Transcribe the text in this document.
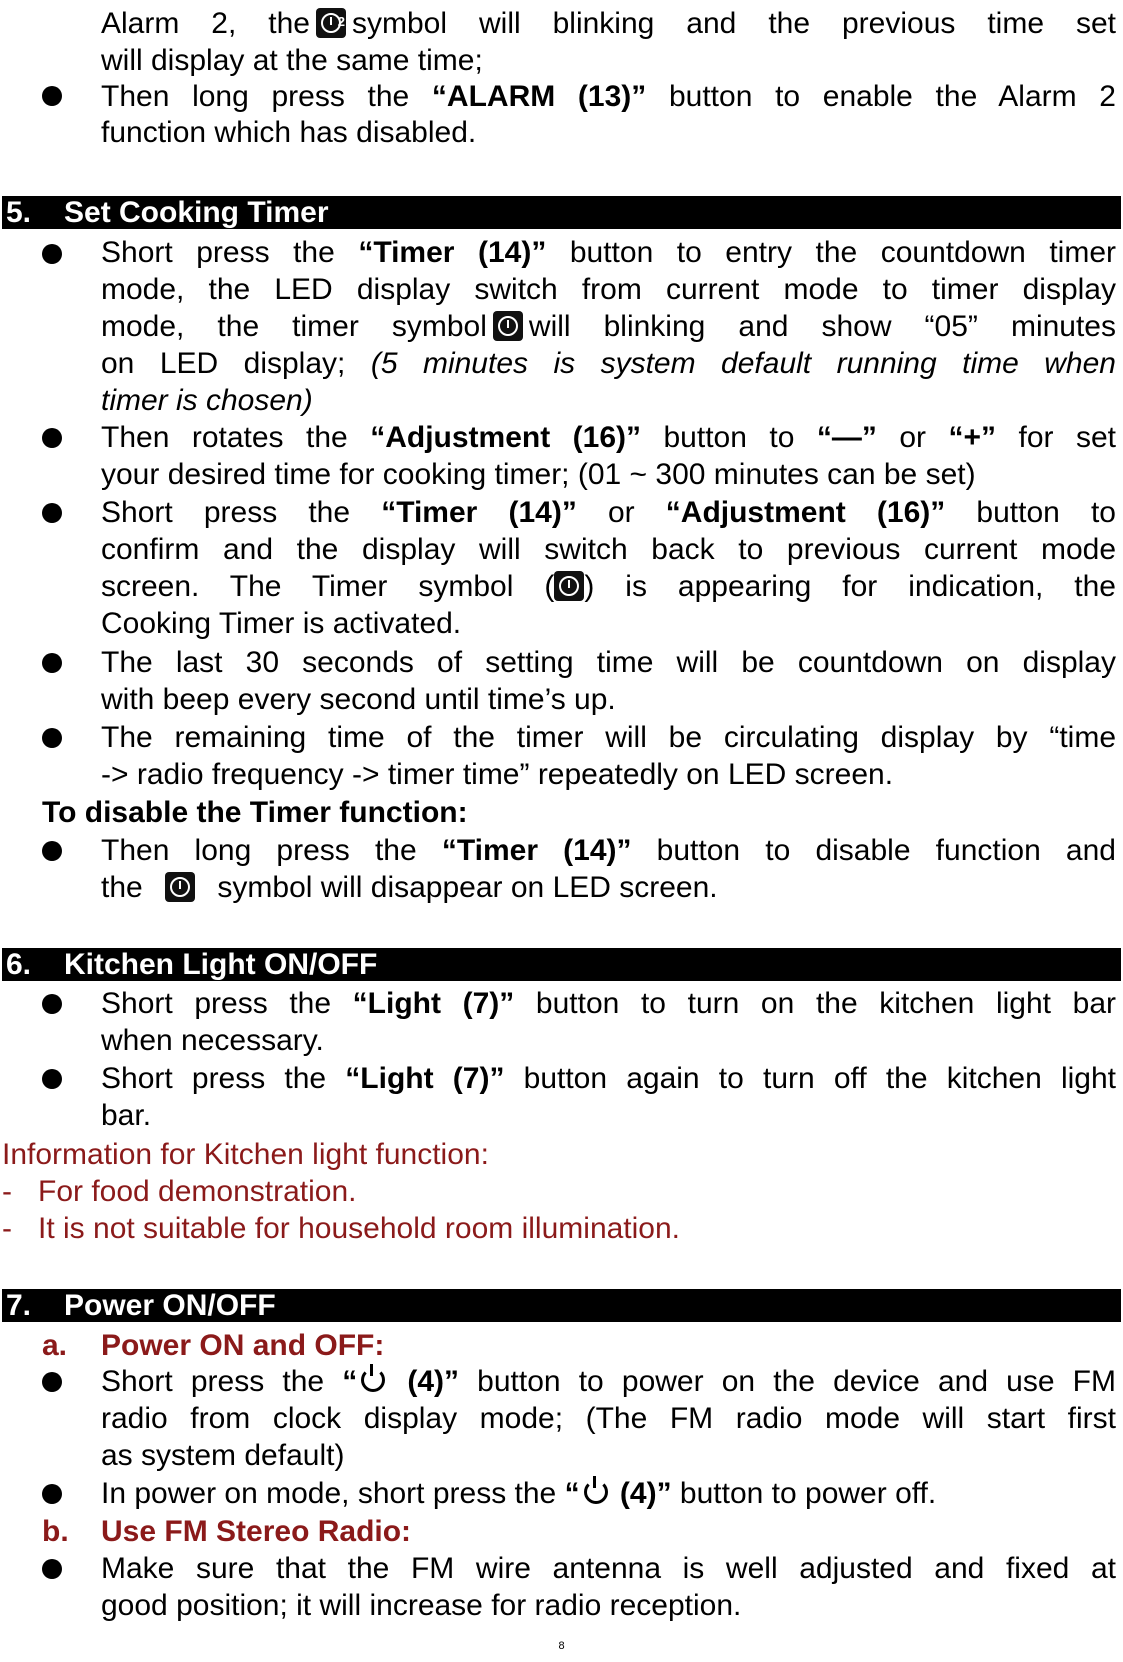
Alarm 2, the 2 symbol will blinking and the previous time set
will display at the same time;
Then long press the “ALARM (13)” button to enable the Alarm 2
function which has disabled.
5. Set Cooking Timer
Short press the “Timer (14)” button to entry the countdown timer
mode, the LED display switch from current mode to timer display
mode, the timer symbol will blinking and show “05” minutes
on LED display; (5 minutes is system default running time when
timer is chosen)
Then rotates the “Adjustment (16)” button to “—” or “+” for set
your desired time for cooking timer; (01 ~ 300 minutes can be set)
Short press the “Timer (14)” or “Adjustment (16)” button to
confirm and the display will switch back to previous current mode
screen. The Timer symbol ( ) is appearing for indication, the
Cooking Timer is activated.
The last 30 seconds of setting time will be countdown on display
with beep every second until time’s up.
The remaining time of the timer will be circulating display by “time
-> radio frequency -> timer time” repeatedly on LED screen.
To disable the Timer function:
Then long press the “Timer (14)” button to disable function and
the symbol will disappear on LED screen.
6. Kitchen Light ON/OFF
Short press the “Light (7)” button to turn on the kitchen light bar
when necessary.
Short press the “Light (7)” button again to turn off the kitchen light
bar.
Information for Kitchen light function:
- For food demonstration.
- It is not suitable for household room illumination.
7. Power ON/OFF
a. Power ON and OFF:
Short press the “ (4)” button to power on the device and use FM
radio from clock display mode; (The FM radio mode will start first
as system default)
In power on mode, short press the “ (4)” button to power off.
b. Use FM Stereo Radio:
Make sure that the FM wire antenna is well adjusted and fixed at
good position; it will increase for radio reception.
8
